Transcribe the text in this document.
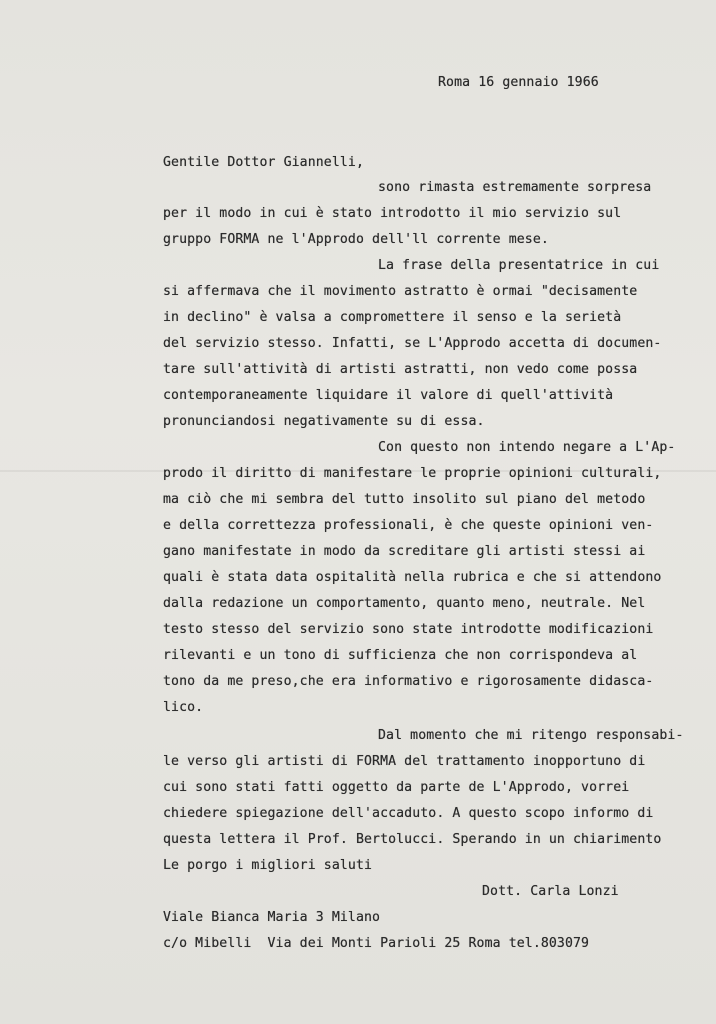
Roma 16 gennaio 1966
Gentile Dottor Giannelli,
sono rimasta estremamente sorpresa
per il modo in cui è stato introdotto il mio servizio sul
gruppo FORMA ne l'Approdo dell'll corrente mese.
La frase della presentatrice in cui
si affermava che il movimento astratto è ormai "decisamente
in declino" è valsa a compromettere il senso e la serietà
del servizio stesso. Infatti, se L'Approdo accetta di documen-
tare sull'attività di artisti astratti, non vedo come possa
contemporaneamente liquidare il valore di quell'attività
pronunciandosi negativamente su di essa.
Con questo non intendo negare a L'Ap-
prodo il diritto di manifestare le proprie opinioni culturali,
ma ciò che mi sembra del tutto insolito sul piano del metodo
e della correttezza professionali, è che queste opinioni ven-
gano manifestate in modo da screditare gli artisti stessi ai
quali è stata data ospitalità nella rubrica e che si attendono
dalla redazione un comportamento, quanto meno, neutrale. Nel
testo stesso del servizio sono state introdotte modificazioni
rilevanti e un tono di sufficienza che non corrispondeva al
tono da me preso,che era informativo e rigorosamente didasca-
lico.
Dal momento che mi ritengo responsabi-
le verso gli artisti di FORMA del trattamento inopportuno di
cui sono stati fatti oggetto da parte de L'Approdo, vorrei
chiedere spiegazione dell'accaduto. A questo scopo informo di
questa lettera il Prof. Bertolucci. Sperando in un chiarimento
Le porgo i migliori saluti
Dott. Carla Lonzi
Viale Bianca Maria 3 Milano
c/o Mibelli  Via dei Monti Parioli 25 Roma tel.803079
